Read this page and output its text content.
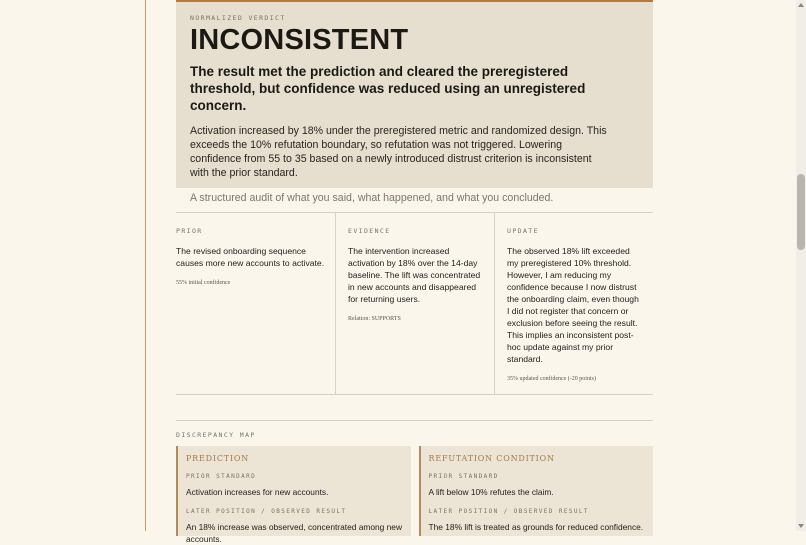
NORMALIZED VERDICT
INCONSISTENT
The result met the prediction and cleared the preregistered threshold, but confidence was reduced using an unregistered concern.

Activation increased by 18% under the preregistered metric and randomized design. This exceeds the 10% refutation boundary, so refutation was not triggered. Lowering confidence from 55 to 35 based on a newly introduced distrust criterion is inconsistent with the prior standard.

A structured audit of what you said, what happened, and what you concluded.

PRIOR
The revised onboarding sequence causes more new accounts to activate.
55% initial confidence
EVIDENCE
The intervention increased activation by 18% over the 14-day baseline. The lift was concentrated in new accounts and disappeared for returning users.
Relation: SUPPORTS
UPDATE
The observed 18% lift exceeded my preregistered 10% threshold. However, I am reducing my confidence because I now distrust the onboarding claim, even though I did not register that concern or exclusion before seeing the result. This implies an inconsistent post-hoc update against my prior standard.
35% updated confidence (-20 points)
DISCREPANCY MAP
PREDICTION
PRIOR STANDARD
Activation increases for new accounts.
LATER POSITION / OBSERVED RESULT
An 18% increase was observed, concentrated among new accounts.
REFUTATION CONDITION
PRIOR STANDARD
A lift below 10% refutes the claim.
LATER POSITION / OBSERVED RESULT
The 18% lift is treated as grounds for reduced confidence.
